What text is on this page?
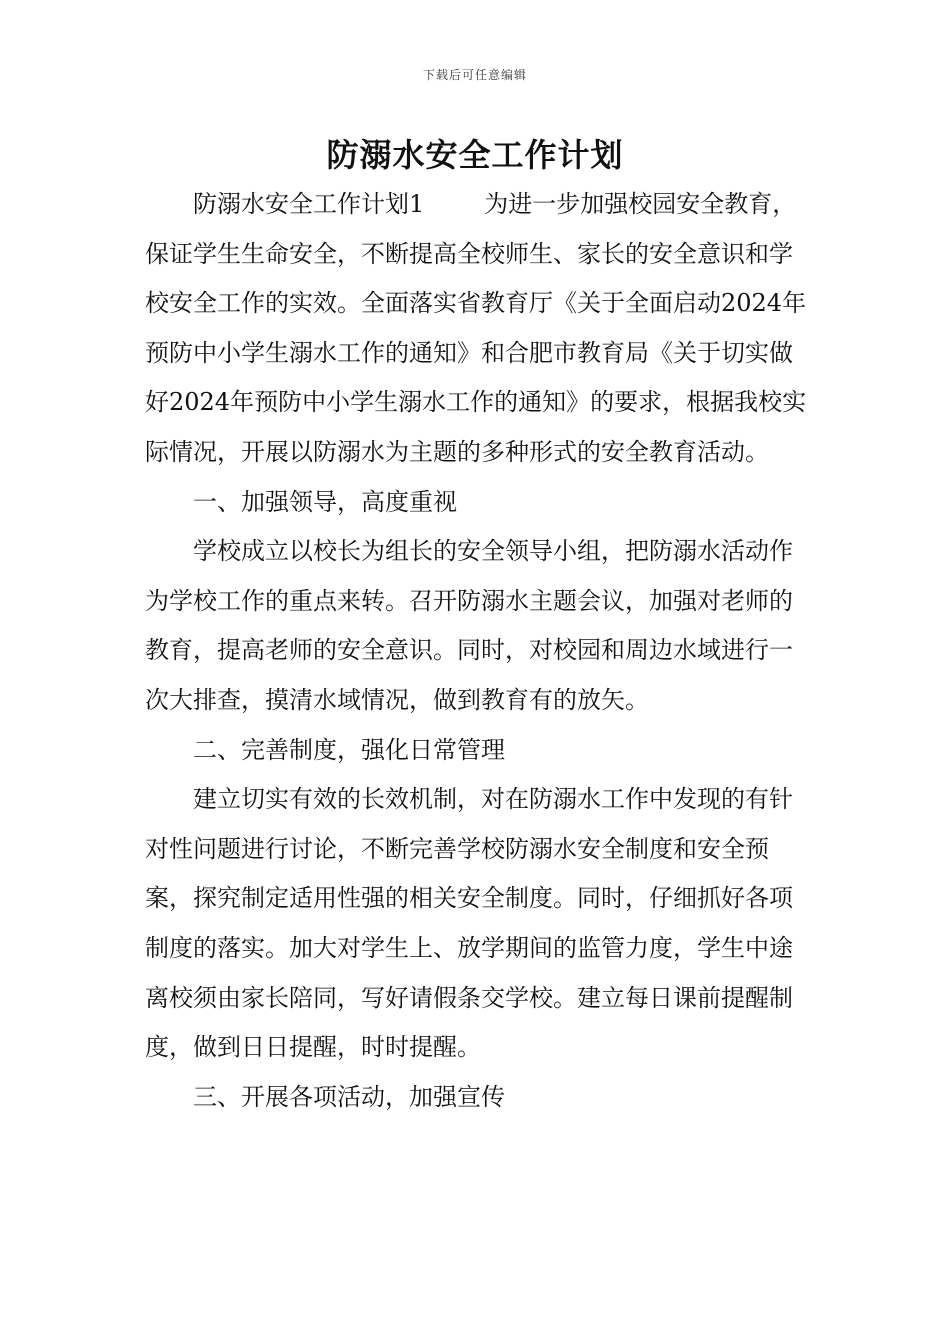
下载后可任意编辑
防溺水安全工作计划

防溺水安全工作计划1	为进一步加强校园安全教育，保证学生生命安全，不断提高全校师生、家长的安全意识和学校安全工作的实效。全面落实省教育厅《关于全面启动2024年预防中小学生溺水工作的通知》和合肥市教育局《关于切实做好2024年预防中小学生溺水工作的通知》的要求，根据我校实际情况，开展以防溺水为主题的多种形式的安全教育活动。

一、加强领导，高度重视

学校成立以校长为组长的安全领导小组，把防溺水活动作为学校工作的重点来转。召开防溺水主题会议，加强对老师的教育，提高老师的安全意识。同时，对校园和周边水域进行一次大排查，摸清水域情况，做到教育有的放矢。

二、完善制度，强化日常管理

建立切实有效的长效机制，对在防溺水工作中发现的有针对性问题进行讨论，不断完善学校防溺水安全制度和安全预案，探究制定适用性强的相关安全制度。同时，仔细抓好各项制度的落实。加大对学生上、放学期间的监管力度，学生中途离校须由家长陪同，写好请假条交学校。建立每日课前提醒制度，做到日日提醒，时时提醒。

三、开展各项活动，加强宣传
